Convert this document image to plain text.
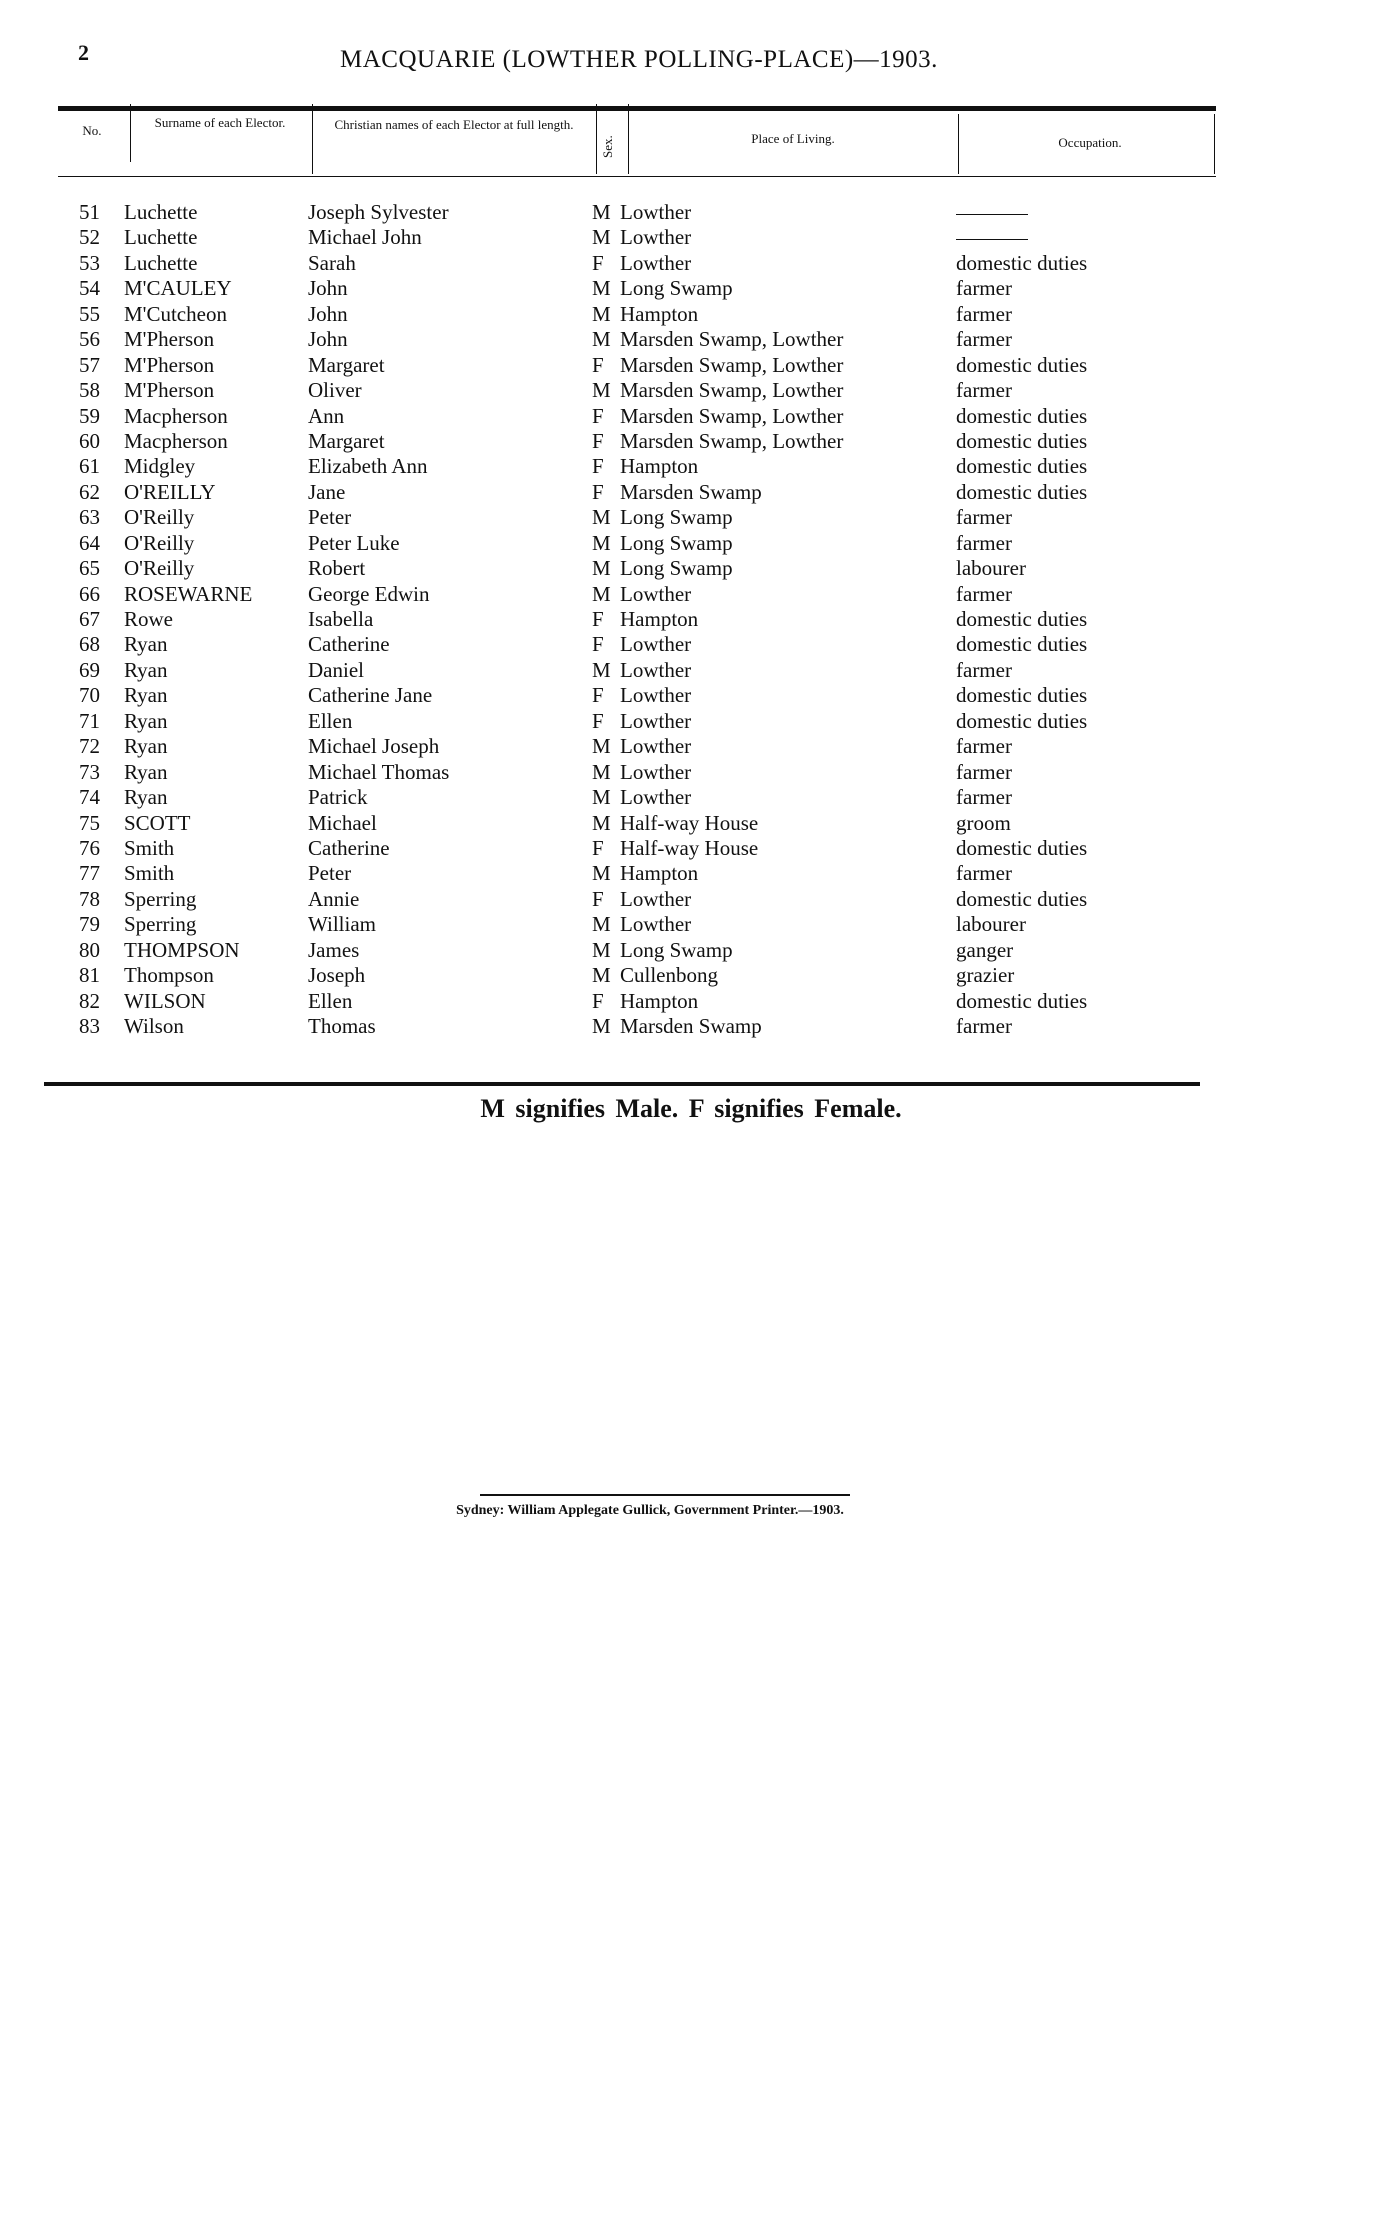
2	MACQUARIE (LOWTHER POLLING-PLACE)—1903.
No.
Surname of each Elector.	Christian names of each Elector at full length.
Sex.	Place of Living.	Occupation.
51 Luchette	Joseph Sylvester	M Lowther
52 Luchette	Michael John	M Lowther
53 Luchette	Sarah	F Lowther	domestic duties
54 M'CAULEY	John	M Long Swamp	farmer
55 M'Cutcheon	John	M Hampton	farmer
56 M'Pherson	John	M Marsden Swamp, Lowther	farmer
57 M'Pherson	Margaret	F Marsden Swamp, Lowther	domestic duties
58 M'Pherson	Oliver	M Marsden Swamp, Lowther	farmer
59 Macpherson	Ann	F Marsden Swamp, Lowther	domestic duties
60 Macpherson	Margaret	F Marsden Swamp, Lowther	domestic duties
61 Midgley	Elizabeth Ann	F Hampton	domestic duties
62 O'REILLY	Jane	F Marsden Swamp	domestic duties
63 O'Reilly	Peter	M Long Swamp	farmer
64 O'Reilly	Peter Luke	M Long Swamp	farmer
65 O'Reilly	Robert	M Long Swamp	labourer
66 ROSEWARNE	George Edwin	M Lowther	farmer
67 Rowe	Isabella	F Hampton	domestic duties
68 Ryan	Catherine	F Lowther	domestic duties
69 Ryan	Daniel	M Lowther	farmer
70 Ryan	Catherine Jane	F Lowther	domestic duties
71 Ryan	Ellen	F Lowther	domestic duties
72 Ryan	Michael Joseph	M Lowther	farmer
73 Ryan	Michael Thomas	M Lowther	farmer
74 Ryan	Patrick	M Lowther	farmer
75 SCOTT	Michael	M Half-way House	groom
76 Smith	Catherine	F Half-way House	domestic duties
77 Smith	Peter	M Hampton	farmer
78 Sperring	Annie	F Lowther	domestic duties
79 Sperring	William	M Lowther	labourer
80 THOMPSON	James	M Long Swamp	ganger
81 Thompson	Joseph	M Cullenbong	grazier
82 WILSON	Ellen	F Hampton	domestic duties
83 Wilson	Thomas	M Marsden Swamp	farmer
M signifies Male. F signifies Female.
Sydney: William Applegate Gullick, Government Printer.—1903.
